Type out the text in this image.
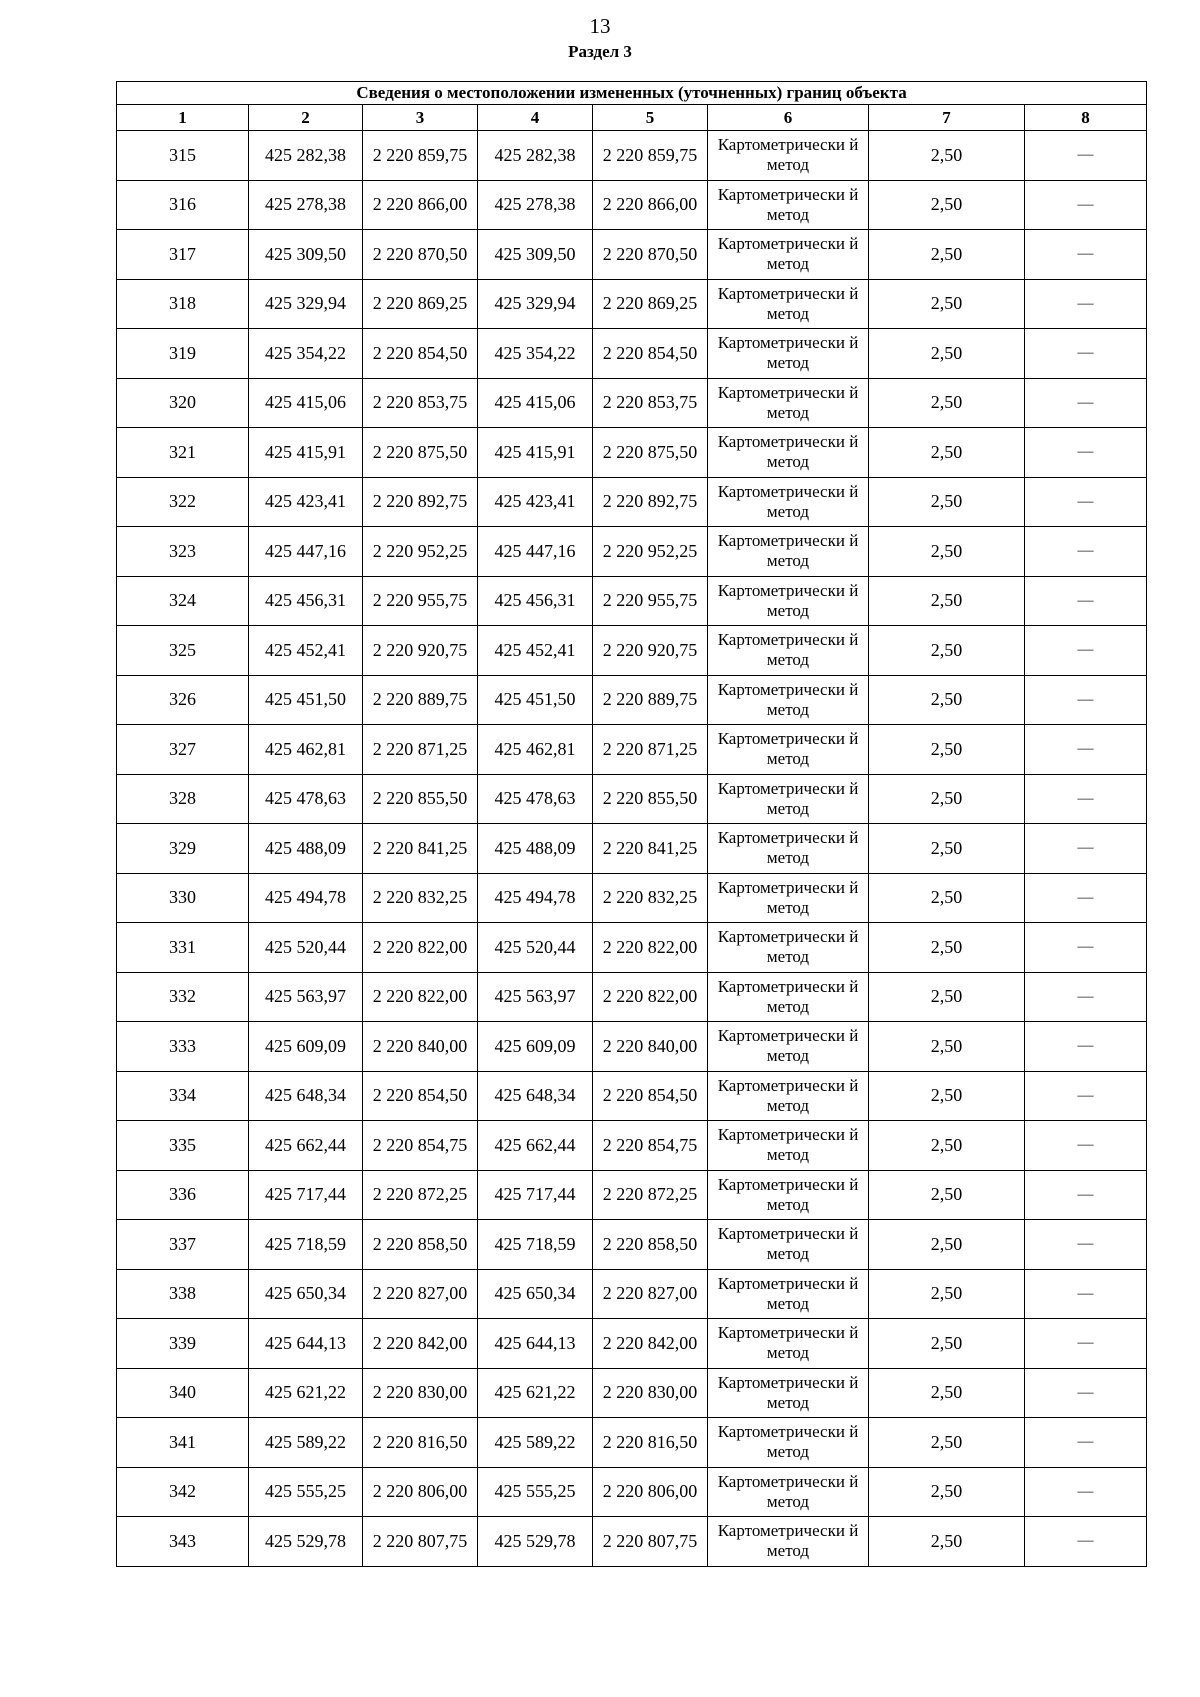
13
Раздел 3
Сведения о местоположении измененных (уточненных) границ объекта							
1	2	3	4	5	6	7	8
315	425 282,38	2 220 859,75	425 282,38	2 220 859,75	Картометрически й метод	2,50	—
316	425 278,38	2 220 866,00	425 278,38	2 220 866,00	Картометрически й метод	2,50	—
317	425 309,50	2 220 870,50	425 309,50	2 220 870,50	Картометрически й метод	2,50	—
318	425 329,94	2 220 869,25	425 329,94	2 220 869,25	Картометрически й метод	2,50	—
319	425 354,22	2 220 854,50	425 354,22	2 220 854,50	Картометрически й метод	2,50	—
320	425 415,06	2 220 853,75	425 415,06	2 220 853,75	Картометрически й метод	2,50	—
321	425 415,91	2 220 875,50	425 415,91	2 220 875,50	Картометрически й метод	2,50	—
322	425 423,41	2 220 892,75	425 423,41	2 220 892,75	Картометрически й метод	2,50	—
323	425 447,16	2 220 952,25	425 447,16	2 220 952,25	Картометрически й метод	2,50	—
324	425 456,31	2 220 955,75	425 456,31	2 220 955,75	Картометрически й метод	2,50	—
325	425 452,41	2 220 920,75	425 452,41	2 220 920,75	Картометрически й метод	2,50	—
326	425 451,50	2 220 889,75	425 451,50	2 220 889,75	Картометрически й метод	2,50	—
327	425 462,81	2 220 871,25	425 462,81	2 220 871,25	Картометрически й метод	2,50	—
328	425 478,63	2 220 855,50	425 478,63	2 220 855,50	Картометрически й метод	2,50	—
329	425 488,09	2 220 841,25	425 488,09	2 220 841,25	Картометрически й метод	2,50	—
330	425 494,78	2 220 832,25	425 494,78	2 220 832,25	Картометрически й метод	2,50	—
331	425 520,44	2 220 822,00	425 520,44	2 220 822,00	Картометрически й метод	2,50	—
332	425 563,97	2 220 822,00	425 563,97	2 220 822,00	Картометрически й метод	2,50	—
333	425 609,09	2 220 840,00	425 609,09	2 220 840,00	Картометрически й метод	2,50	—
334	425 648,34	2 220 854,50	425 648,34	2 220 854,50	Картометрически й метод	2,50	—
335	425 662,44	2 220 854,75	425 662,44	2 220 854,75	Картометрически й метод	2,50	—
336	425 717,44	2 220 872,25	425 717,44	2 220 872,25	Картометрически й метод	2,50	—
337	425 718,59	2 220 858,50	425 718,59	2 220 858,50	Картометрически й метод	2,50	—
338	425 650,34	2 220 827,00	425 650,34	2 220 827,00	Картометрически й метод	2,50	—
339	425 644,13	2 220 842,00	425 644,13	2 220 842,00	Картометрически й метод	2,50	—
340	425 621,22	2 220 830,00	425 621,22	2 220 830,00	Картометрически й метод	2,50	—
341	425 589,22	2 220 816,50	425 589,22	2 220 816,50	Картометрически й метод	2,50	—
342	425 555,25	2 220 806,00	425 555,25	2 220 806,00	Картометрически й метод	2,50	—
343	425 529,78	2 220 807,75	425 529,78	2 220 807,75	Картометрически й метод	2,50	—
